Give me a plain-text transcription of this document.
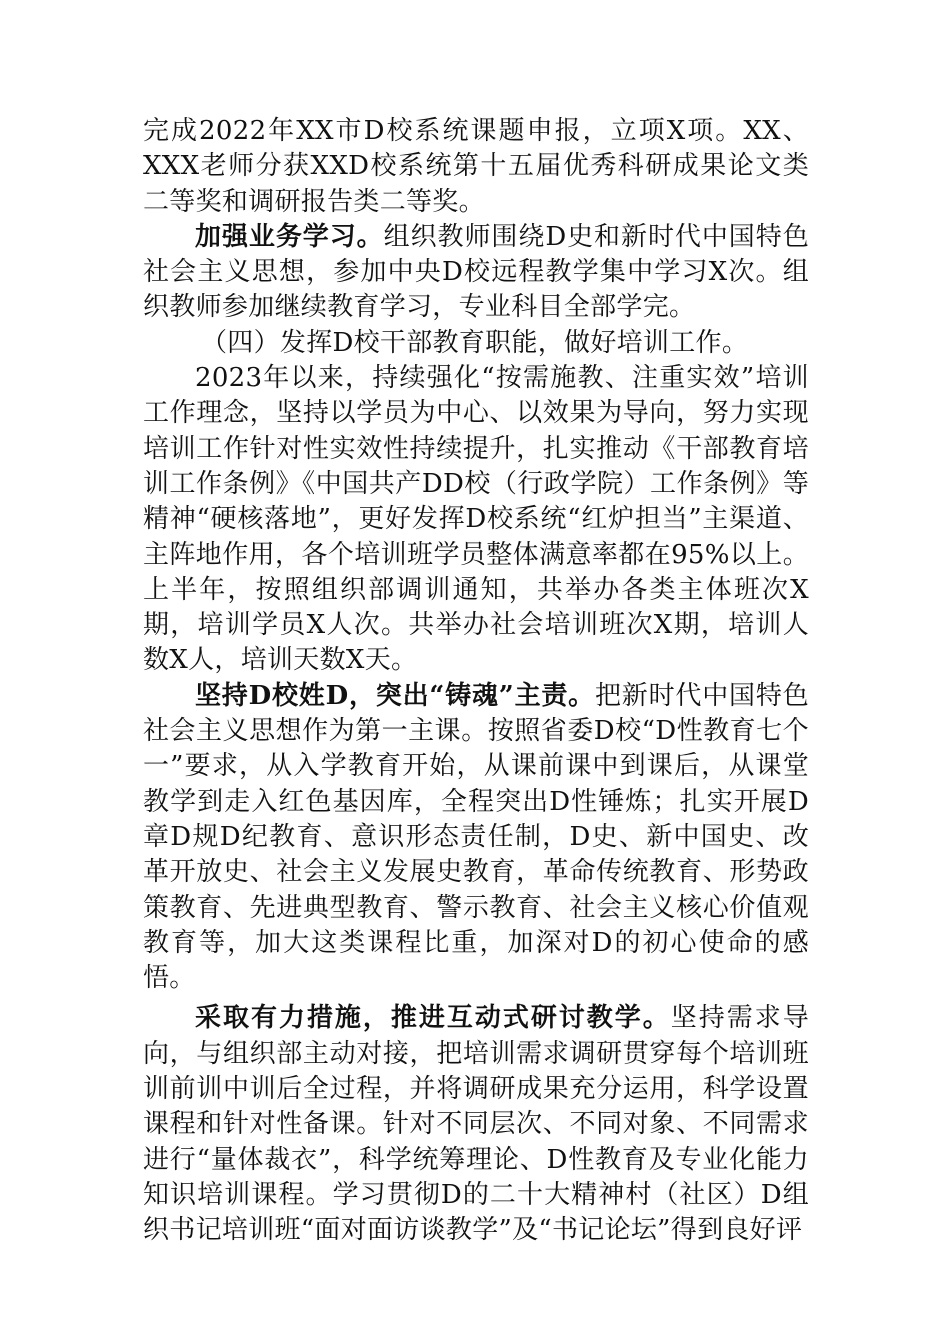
完成2022年XX市D校系统课题申报，立项X项。XX、XXX老师分获XXD校系统第十五届优秀科研成果论文类二等奖和调研报告类二等奖。

加强业务学习。组织教师围绕D史和新时代中国特色社会主义思想，参加中央D校远程教学集中学习X次。组织教师参加继续教育学习，专业科目全部学完。

（四）发挥D校干部教育职能，做好培训工作。

2023年以来，持续强化“按需施教、注重实效”培训工作理念，坚持以学员为中心、以效果为导向，努力实现培训工作针对性实效性持续提升，扎实推动《干部教育培训工作条例》《中国共产DD校（行政学院）工作条例》等精神“硬核落地”，更好发挥D校系统“红炉担当”主渠道、主阵地作用，各个培训班学员整体满意率都在95%以上。上半年，按照组织部调训通知，共举办各类主体班次X期，培训学员X人次。共举办社会培训班次X期，培训人数X人，培训天数X天。

坚持D校姓D，突出“铸魂”主责。把新时代中国特色社会主义思想作为第一主课。按照省委D校“D性教育七个一”要求，从入学教育开始，从课前课中到课后，从课堂教学到走入红色基因库，全程突出D性锤炼；扎实开展D章D规D纪教育、意识形态责任制，D史、新中国史、改革开放史、社会主义发展史教育，革命传统教育、形势政策教育、先进典型教育、警示教育、社会主义核心价值观教育等，加大这类课程比重，加深对D的初心使命的感悟。

采取有力措施，推进互动式研讨教学。坚持需求导向，与组织部主动对接，把培训需求调研贯穿每个培训班训前训中训后全过程，并将调研成果充分运用，科学设置课程和针对性备课。针对不同层次、不同对象、不同需求进行“量体裁衣”，科学统筹理论、D性教育及专业化能力知识培训课程。学习贯彻D的二十大精神村（社区）D组织书记培训班“面对面访谈教学”及“书记论坛”得到良好评
